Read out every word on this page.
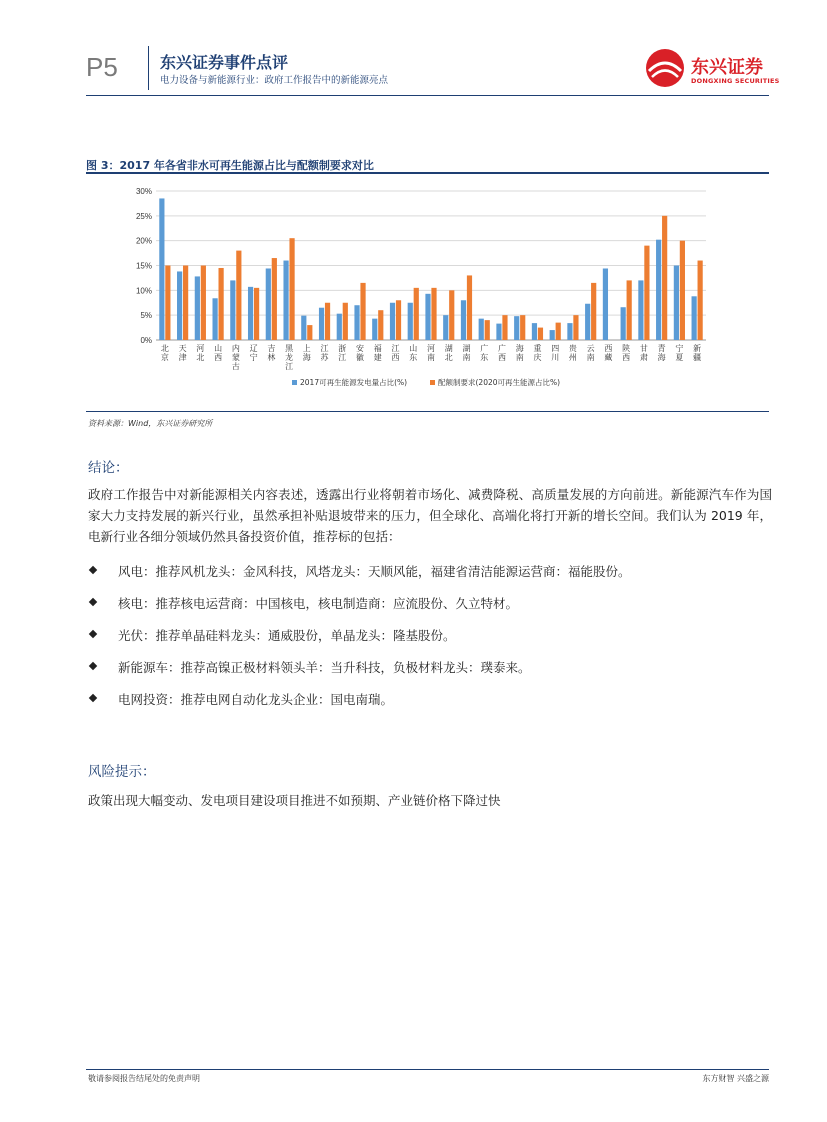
P5	东兴证券事件点评
电力设备与新能源行业：政府工作报告中的新能源亮点
东兴证券
DONGXING SECURITIES
图 3：2017 年各省非水可再生能源占比与配额制要求对比
0%
5%
10%
15%
20%
25%
30%
北
京
天
津
河
北
山
西
内
蒙
古
辽
宁
吉
林
黑
龙
江
上
海
江
苏
浙
江
安
徽
福
建
江
西
山
东
河
南
湖
北
湖
南
广
东
广
西
海
南
重
庆
四
川
贵
州
云
南
西
藏
陕
西
甘
肃
青
海
宁
夏
新
疆
2017可再生能源发电量占比(%)	配额制要求(2020可再生能源占比%)
资料来源：Wind，东兴证券研究所
结论：
政府工作报告中对新能源相关内容表述，透露出行业将朝着市场化、减费降税、高质量发展的方向前进。新能源汽车作为国家大力支持发展的新兴行业，虽然承担补贴退坡带来的压力，但全球化、高端化将打开新的增长空间。我们认为 2019 年，电新行业各细分领域仍然具备投资价值，推荐标的包括：
风电：推荐风机龙头：金风科技，风塔龙头：天顺风能，福建省清洁能源运营商：福能股份。
核电：推荐核电运营商：中国核电，核电制造商：应流股份、久立特材。
光伏：推荐单晶硅料龙头：通威股份，单晶龙头：隆基股份。
新能源车：推荐高镍正极材料领头羊：当升科技，负极材料龙头：璞泰来。
电网投资：推荐电网自动化龙头企业：国电南瑞。
风险提示：
政策出现大幅变动、发电项目建设项目推进不如预期、产业链价格下降过快
敬请参阅报告结尾处的免责声明	东方财智 兴盛之源
